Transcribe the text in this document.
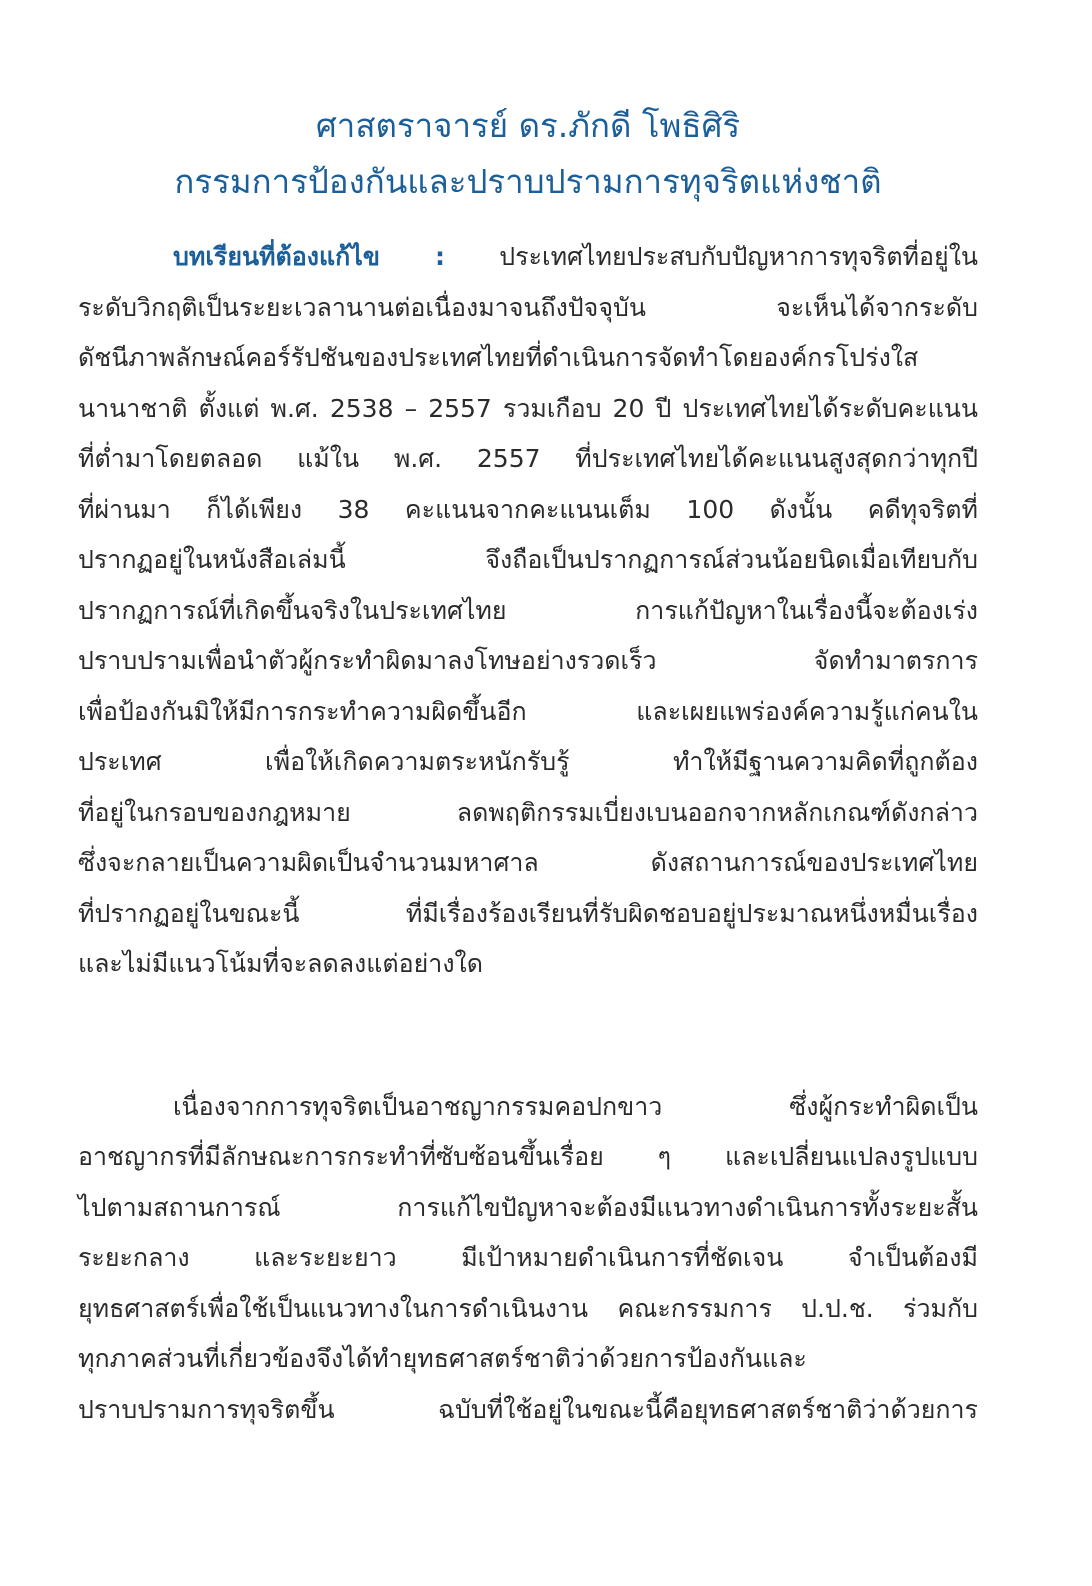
ศาสตราจารย์ ดร.ภักดี โพธิศิริ
กรรมการป้องกันและปราบปรามการทุจริตแห่งชาติ
บทเรียนที่ต้องแก้ไข : ประเทศไทยประสบกับปัญหาการทุจริตที่อยู่ใน
ระดับวิกฤติเป็นระยะเวลานานต่อเนื่องมาจนถึงปัจจุบัน จะเห็นได้จากระดับ
ดัชนีภาพลักษณ์คอร์รัปชันของประเทศไทยที่ดำเนินการจัดทำโดยองค์กรโปร่งใส
นานาชาติ ตั้งแต่ พ.ศ. 2538 – 2557 รวมเกือบ 20 ปี ประเทศไทยได้ระดับคะแนน
ที่ต่ำมาโดยตลอด แม้ใน พ.ศ. 2557 ที่ประเทศไทยได้คะแนนสูงสุดกว่าทุกปี
ที่ผ่านมา ก็ได้เพียง 38 คะแนนจากคะแนนเต็ม 100 ดังนั้น คดีทุจริตที่
ปรากฏอยู่ในหนังสือเล่มนี้ จึงถือเป็นปรากฏการณ์ส่วนน้อยนิดเมื่อเทียบกับ
ปรากฏการณ์ที่เกิดขึ้นจริงในประเทศไทย การแก้ปัญหาในเรื่องนี้จะต้องเร่ง
ปราบปรามเพื่อนำตัวผู้กระทำผิดมาลงโทษอย่างรวดเร็ว จัดทำมาตรการ
เพื่อป้องกันมิให้มีการกระทำความผิดขึ้นอีก และเผยแพร่องค์ความรู้แก่คนใน
ประเทศ เพื่อให้เกิดความตระหนักรับรู้ ทำให้มีฐานความคิดที่ถูกต้อง
ที่อยู่ในกรอบของกฎหมาย ลดพฤติกรรมเบี่ยงเบนออกจากหลักเกณฑ์ดังกล่าว
ซึ่งจะกลายเป็นความผิดเป็นจำนวนมหาศาล ดังสถานการณ์ของประเทศไทย
ที่ปรากฏอยู่ในขณะนี้ ที่มีเรื่องร้องเรียนที่รับผิดชอบอยู่ประมาณหนึ่งหมื่นเรื่อง
และไม่มีแนวโน้มที่จะลดลงแต่อย่างใด
เนื่องจากการทุจริตเป็นอาชญากรรมคอปกขาว ซึ่งผู้กระทำผิดเป็น
อาชญากรที่มีลักษณะการกระทำที่ซับซ้อนขึ้นเรื่อย ๆ และเปลี่ยนแปลงรูปแบบ
ไปตามสถานการณ์ การแก้ไขปัญหาจะต้องมีแนวทางดำเนินการทั้งระยะสั้น
ระยะกลาง และระยะยาว มีเป้าหมายดำเนินการที่ชัดเจน จำเป็นต้องมี
ยุทธศาสตร์เพื่อใช้เป็นแนวทางในการดำเนินงาน คณะกรรมการ ป.ป.ช. ร่วมกับ
ทุกภาคส่วนที่เกี่ยวข้องจึงได้ทำยุทธศาสตร์ชาติว่าด้วยการป้องกันและ
ปราบปรามการทุจริตขึ้น ฉบับที่ใช้อยู่ในขณะนี้คือยุทธศาสตร์ชาติว่าด้วยการ
